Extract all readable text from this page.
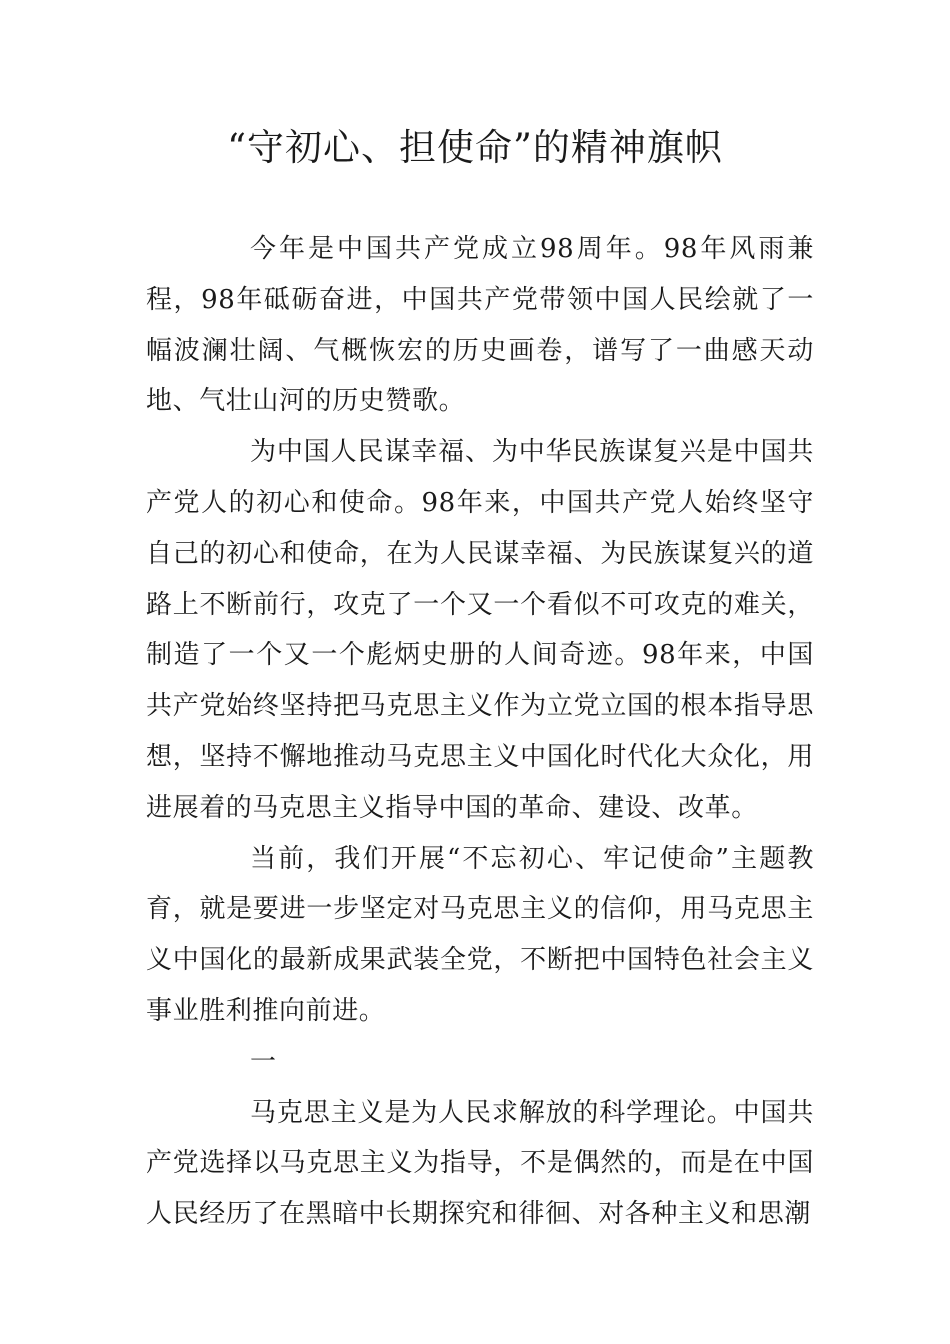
“守初心、担使命”的精神旗帜

今年是中国共产党成立98周年。98年风雨兼程，98年砥砺奋进，中国共产党带领中国人民绘就了一幅波澜壮阔、气概恢宏的历史画卷，谱写了一曲感天动地、气壮山河的历史赞歌。

为中国人民谋幸福、为中华民族谋复兴是中国共产党人的初心和使命。98年来，中国共产党人始终坚守自己的初心和使命，在为人民谋幸福、为民族谋复兴的道路上不断前行，攻克了一个又一个看似不可攻克的难关，制造了一个又一个彪炳史册的人间奇迹。98年来，中国共产党始终坚持把马克思主义作为立党立国的根本指导思想，坚持不懈地推动马克思主义中国化时代化大众化，用进展着的马克思主义指导中国的革命、建设、改革。

当前，我们开展“不忘初心、牢记使命”主题教育，就是要进一步坚定对马克思主义的信仰，用马克思主义中国化的最新成果武装全党，不断把中国特色社会主义事业胜利推向前进。

一

马克思主义是为人民求解放的科学理论。中国共产党选择以马克思主义为指导，不是偶然的，而是在中国人民经历了在黑暗中长期探究和徘徊、对各种主义和思潮
